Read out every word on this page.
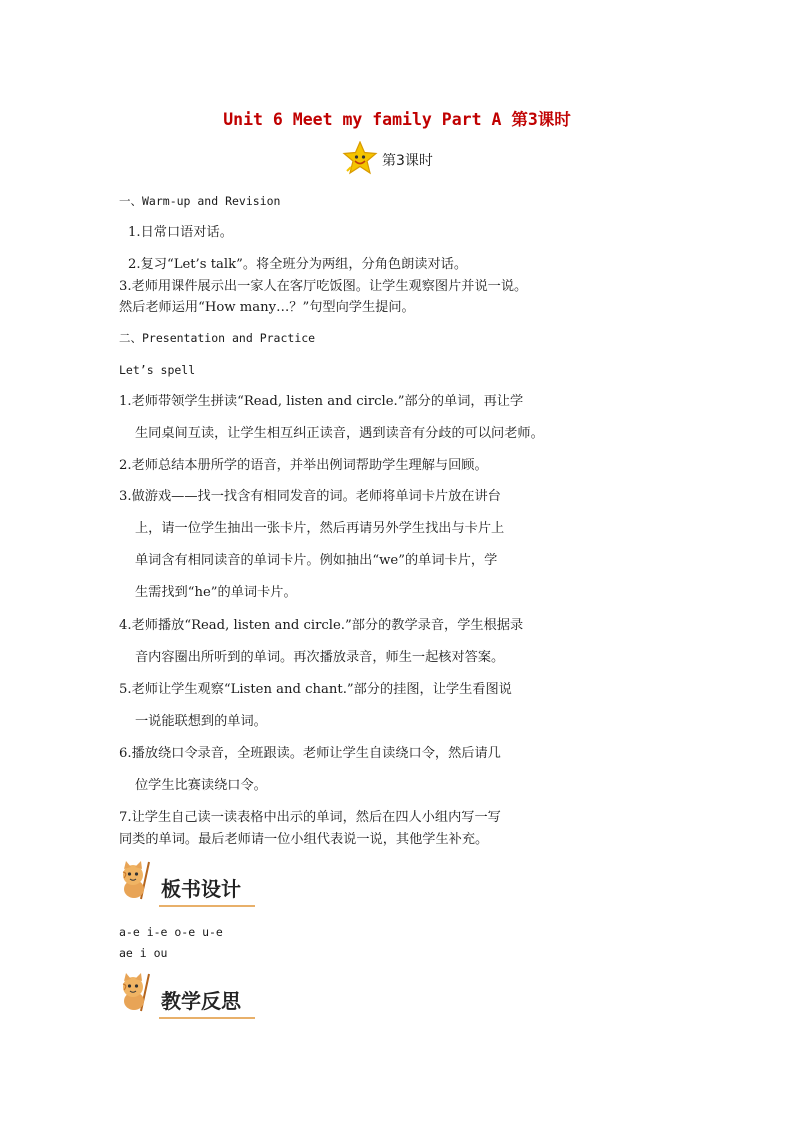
Unit 6 Meet my family Part A 第3课时
第3课时
一、Warm-up and Revision
1.日常口语对话。
2.复习“Let’s talk”。将全班分为两组，分角色朗读对话。
3.老师用课件展示出一家人在客厅吃饭图。让学生观察图片并说一说。
然后老师运用“How many…？”句型向学生提问。
二、Presentation and Practice
Let’s spell
1.老师带领学生拼读“Read, listen and circle.”部分的单词，再让学
生同桌间互读，让学生相互纠正读音，遇到读音有分歧的可以问老师。
2.老师总结本册所学的语音，并举出例词帮助学生理解与回顾。
3.做游戏——找一找含有相同发音的词。老师将单词卡片放在讲台
上，请一位学生抽出一张卡片，然后再请另外学生找出与卡片上
单词含有相同读音的单词卡片。例如抽出“we”的单词卡片，学
生需找到“he”的单词卡片。
4.老师播放“Read, listen and circle.”部分的教学录音，学生根据录
音内容圈出所听到的单词。再次播放录音，师生一起核对答案。
5.老师让学生观察“Listen and chant.”部分的挂图，让学生看图说
一说能联想到的单词。
6.播放绕口令录音，全班跟读。老师让学生自读绕口令，然后请几
位学生比赛读绕口令。
7.让学生自己读一读表格中出示的单词，然后在四人小组内写一写
同类的单词。最后老师请一位小组代表说一说，其他学生补充。
板书设计
a-e i-e o-e u-e
ae i ou
教学反思
